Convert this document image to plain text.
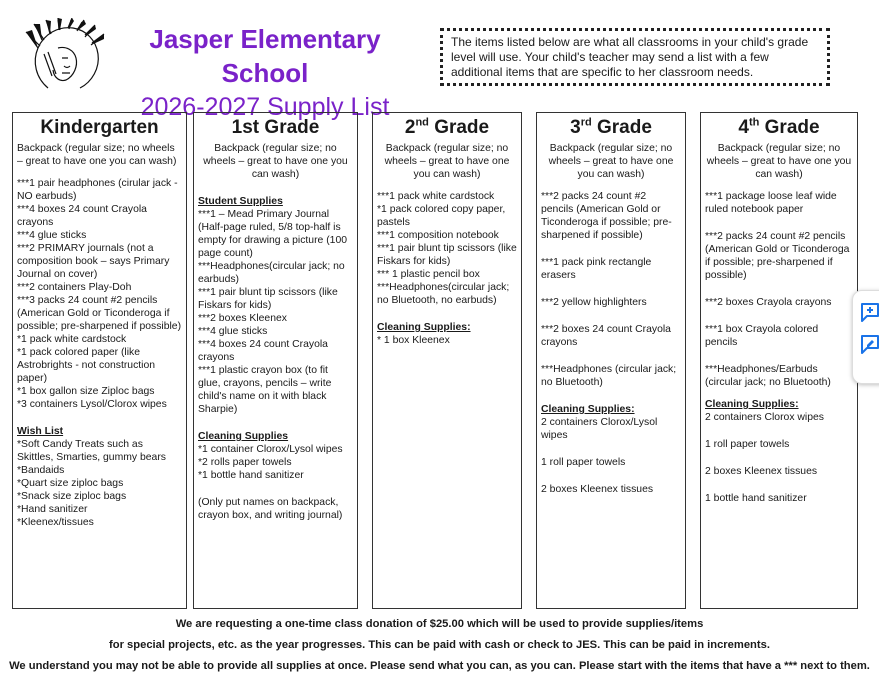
Jasper Elementary School
2026-2027 Supply List
The items listed below are what all classrooms in your child's grade level will use. Your child's teacher may send a list with a few additional items that are specific to her classroom needs.
Kindergarten

Backpack (regular size; no wheels – great to have one you can wash)

***1 pair headphones (cirular jack - NO earbuds)

***4 boxes 24 count Crayola crayons

***4 glue sticks

***2 PRIMARY journals (not a composition book – says Primary Journal on cover)

***2 containers Play-Doh

***3 packs 24 count #2 pencils (American Gold or Ticonderoga if possible; pre-sharpened if possible)

*1 pack white cardstock

*1 pack colored paper (like Astrobrights - not construction paper)

*1 box gallon size Ziploc bags

*3 containers Lysol/Clorox wipes

Wish List

*Soft Candy Treats such as Skittles, Smarties, gummy bears

*Bandaids

*Quart size ziploc bags

*Snack size ziploc bags

*Hand sanitizer

*Kleenex/tissues

1st Grade

Backpack (regular size; no wheels – great to have one you can wash)

Student Supplies

***1 – Mead Primary Journal (Half-page ruled, 5/8 top-half is empty for drawing a picture (100 page count)

***Headphones(circular jack; no earbuds)

***1 pair blunt tip scissors (like Fiskars for kids)

***2 boxes Kleenex

***4 glue sticks

***4 boxes 24 count Crayola crayons

***1 plastic crayon box (to fit glue, crayons, pencils – write child's name on it with black Sharpie)

Cleaning Supplies

*1 container Clorox/Lysol wipes

*2 rolls paper towels

*1 bottle hand sanitizer

(Only put names on backpack, crayon box, and writing journal)

2nd Grade

Backpack (regular size; no wheels – great to have one you can wash)

***1 pack white cardstock

*1 pack colored copy paper, pastels

***1 composition notebook

***1 pair blunt tip scissors (like Fiskars for kids)

*** 1 plastic pencil box

***Headphones(circular jack; no Bluetooth, no earbuds)

Cleaning Supplies:

* 1 box Kleenex

3rd Grade

Backpack (regular size; no wheels – great to have one you can wash)

***2 packs 24 count #2 pencils (American Gold or Ticonderoga if possible; pre-sharpened if possible)

***1 pack pink rectangle erasers

***2 yellow highlighters

***2 boxes 24 count Crayola crayons

***Headphones (circular jack; no Bluetooth)

Cleaning Supplies:

2 containers Clorox/Lysol wipes

1 roll paper towels

2 boxes Kleenex tissues

4th Grade

Backpack (regular size; no wheels – great to have one you can wash)

***1 package loose leaf wide ruled notebook paper

***2 packs 24 count #2 pencils (American Gold or Ticonderoga if possible; pre-sharpened if possible)

***2 boxes Crayola crayons

***1 box Crayola colored pencils

***Headphones/Earbuds (circular jack; no Bluetooth)

Cleaning Supplies:

2 containers Clorox wipes

1 roll paper towels

2 boxes Kleenex tissues

1 bottle hand sanitizer

We are requesting a one-time class donation of $25.00 which will be used to provide supplies/items
for special projects, etc. as the year progresses. This can be paid with cash or check to JES. This can be paid in increments.
We understand you may not be able to provide all supplies at once. Please send what you can, as you can. Please start with the items that have a *** next to them.
